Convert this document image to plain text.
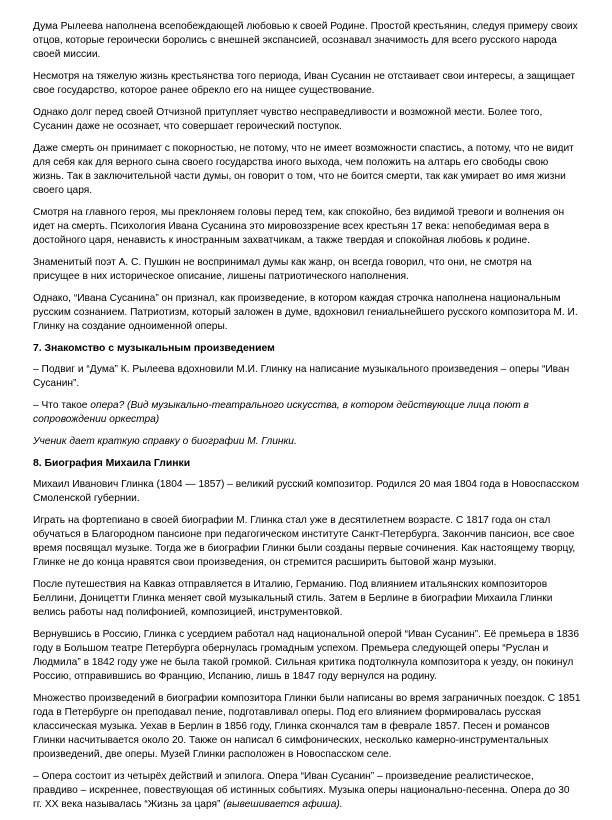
Дума Рылеева наполнена всепобеждающей любовью к своей Родине. Простой крестьянин, следуя примеру своих отцов, которые героически боролись с внешней экспансией, осознавал значимость для всего русского народа своей миссии.

Несмотря на тяжелую жизнь крестьянства того периода, Иван Сусанин не отстаивает свои интересы, а защищает свое государство, которое ранее обрекло его на нищее существование.

Однако долг перед своей Отчизной притупляет чувство несправедливости и возможной мести. Более того, Сусанин даже не осознает, что совершает героический поступок.

Даже смерть он принимает с покорностью, не потому, что не имеет возможности спастись, а потому, что не видит для себя как для верного сына своего государства иного выхода, чем положить на алтарь его свободы свою жизнь. Так в заключительной части думы, он говорит о том, что не боится смерти, так как умирает во имя жизни своего царя.

Смотря на главного героя, мы преклоняем головы перед тем, как спокойно, без видимой тревоги и волнения он идет на смерть. Психология Ивана Сусанина это мировоззрение всех крестьян 17 века: непобедимая вера в достойного царя, ненависть к иностранным захватчикам, а также твердая и спокойная любовь к родине.

Знаменитый поэт А. С. Пушкин не воспринимал думы как жанр, он всегда говорил, что они, не смотря на присущее в них историческое описание, лишены патриотического наполнения.

Однако, “Ивана Сусанина” он признал, как произведение, в котором каждая строчка наполнена национальным русским сознанием. Патриотизм, который заложен в думе, вдохновил гениальнейшего русского композитора М. И. Глинку на создание одноименной оперы.

7. Знакомство с музыкальным произведением

– Подвиг и “Дума” К. Рылеева вдохновили М.И. Глинку на написание музыкального произведения – оперы “Иван Сусанин”.

– Что такое опера? (Вид музыкально-театрального искусства, в котором действующие лица поют в сопровождении оркестра)

Ученик дает краткую справку о биографии М. Глинки.

8. Биография Михаила Глинки

Михаил Иванович Глинка (1804 — 1857) – великий русский композитор. Родился 20 мая 1804 года в Новоспасском Смоленской губернии.

Играть на фортепиано в своей биографии М. Глинка стал уже в десятилетнем возрасте. С 1817 года он стал обучаться в Благородном пансионе при педагогическом институте Санкт-Петербурга. Закончив пансион, все свое время посвящал музыке. Тогда же в биографии Глинки были созданы первые сочинения. Как настоящему творцу, Глинке не до конца нравятся свои произведения, он стремится расширить бытовой жанр музыки.

После путешествия на Кавказ отправляется в Италию, Германию. Под влиянием итальянских композиторов Беллини, Доницетти Глинка меняет свой музыкальный стиль. Затем в Берлине в биографии Михаила Глинки велись работы над полифонией, композицией, инструментовкой.

Вернувшись в Россию, Глинка с усердием работал над национальной оперой “Иван Сусанин”. Её премьера в 1836 году в Большом театре Петербурга обернулась громадным успехом. Премьера следующей оперы “Руслан и Людмила” в 1842 году уже не была такой громкой. Сильная критика подтолкнула композитора к уезду, он покинул Россию, отправившись во Францию, Испанию, лишь в 1847 году вернулся на родину.

Множество произведений в биографии композитора Глинки были написаны во время заграничных поездок. С 1851 года в Петербурге он преподавал пение, подготавливал оперы. Под его влиянием формировалась русская классическая музыка. Уехав в Берлин в 1856 году, Глинка скончался там в феврале 1857. Песен и романсов Глинки насчитывается около 20. Также он написал 6 симфонических, несколько камерно-инструментальных произведений, две оперы. Музей Глинки расположен в Новоспасском селе.

– Опера состоит из четырёх действий и эпилога. Опера “Иван Сусанин” – произведение реалистическое, правдиво – искреннее, повествующая об истинных событиях. Музыка оперы национально-песенна. Опера до 30 гг. XX века называлась “Жизнь за царя” (вывешивается афиша).
